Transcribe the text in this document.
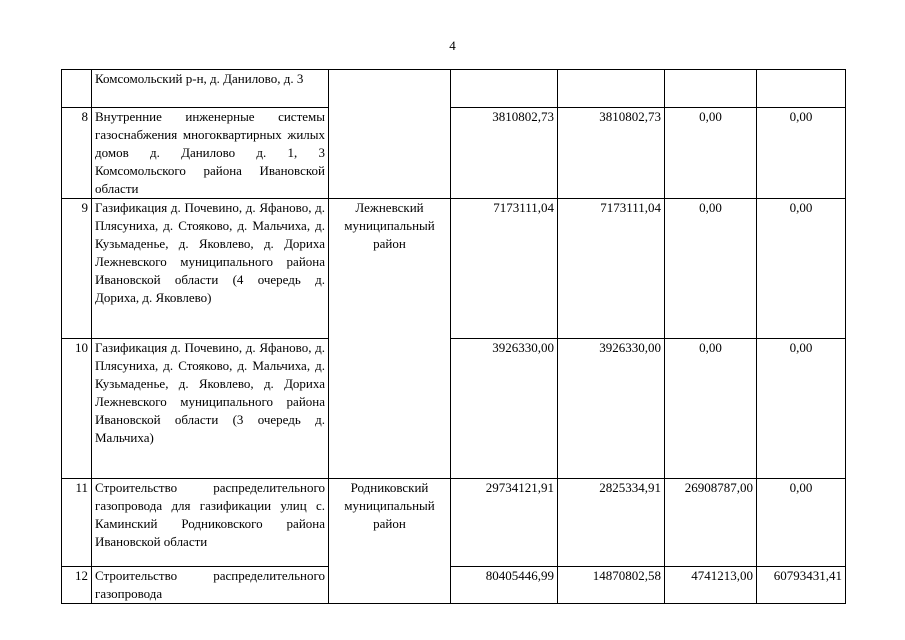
4
	Комсомольский р-н, д. Данилово, д. 3					
8	Внутренние инженерные системы газоснабжения многоквартирных жилых домов д. Данилово д. 1, 3 Комсомольского района Ивановской области		3810802,73	3810802,73	0,00	0,00
9	Газификация д. Почевино, д. Яфаново, д. Плясуниха, д. Стояково, д. Мальчиха, д. Кузьмаденье, д. Яковлево, д. Дориха Лежневского муниципального района Ивановской области (4 очередь д. Дориха, д. Яковлево)	Лежневский муниципальный район	7173111,04	7173111,04	0,00	0,00
10	Газификация д. Почевино, д. Яфаново, д. Плясуниха, д. Стояково, д. Мальчиха, д. Кузьмаденье, д. Яковлево, д. Дориха Лежневского муниципального района Ивановской области (3 очередь д. Мальчиха)		3926330,00	3926330,00	0,00	0,00
11	Строительство распределительного газопровода для газификации улиц с. Каминский Родниковского района Ивановской области	Родниковский муниципальный район	29734121,91	2825334,91	26908787,00	0,00
12	Строительство распределительного газопровода		80405446,99	14870802,58	4741213,00	60793431,41
